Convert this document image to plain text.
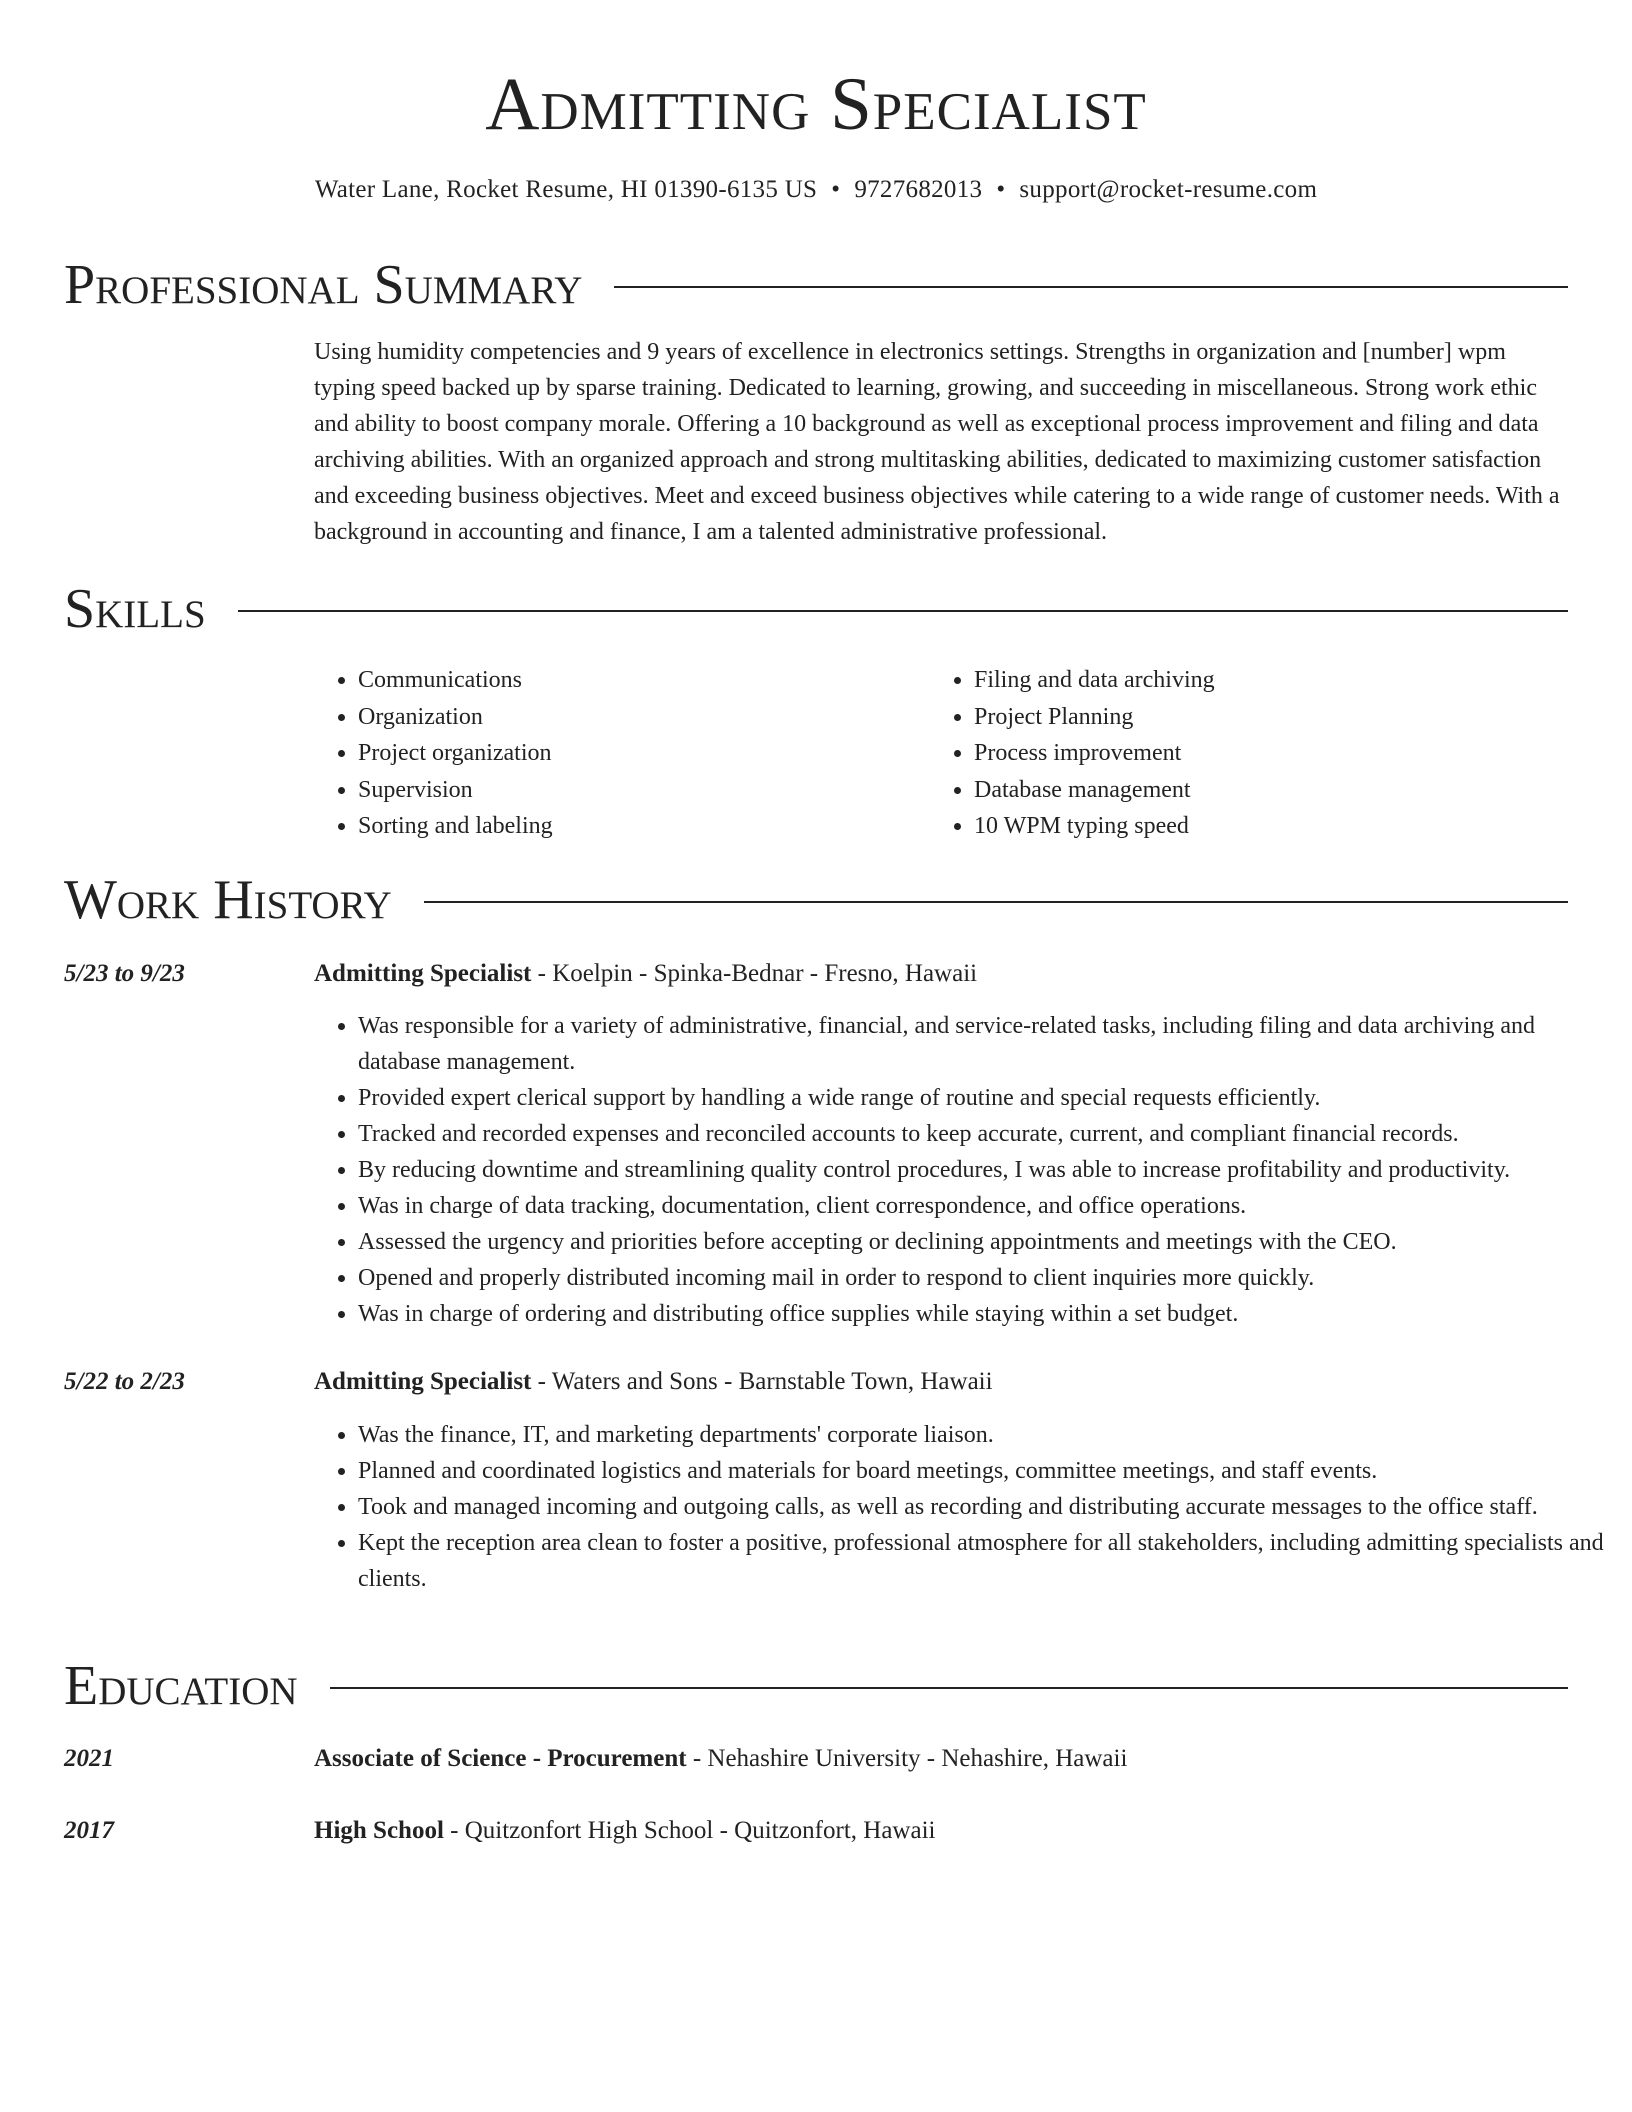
Admitting Specialist
Water Lane, Rocket Resume, HI 01390-6135 US • 9727682013 • support@rocket-resume.com
Professional Summary
Using humidity competencies and 9 years of excellence in electronics settings. Strengths in organization and [number] wpm typing speed backed up by sparse training. Dedicated to learning, growing, and succeeding in miscellaneous. Strong work ethic and ability to boost company morale. Offering a 10 background as well as exceptional process improvement and filing and data archiving abilities. With an organized approach and strong multitasking abilities, dedicated to maximizing customer satisfaction and exceeding business objectives. Meet and exceed business objectives while catering to a wide range of customer needs. With a background in accounting and finance, I am a talented administrative professional.
Skills
• Communications
• Organization
• Project organization
• Supervision
• Sorting and labeling
• Filing and data archiving
• Project Planning
• Process improvement
• Database management
• 10 WPM typing speed
Work History
5/23 to 9/23	Admitting Specialist - Koelpin - Spinka-Bednar - Fresno, Hawaii
• Was responsible for a variety of administrative, financial, and service-related tasks, including filing and data archiving and database management.
• Provided expert clerical support by handling a wide range of routine and special requests efficiently.
• Tracked and recorded expenses and reconciled accounts to keep accurate, current, and compliant financial records.
• By reducing downtime and streamlining quality control procedures, I was able to increase profitability and productivity.
• Was in charge of data tracking, documentation, client correspondence, and office operations.
• Assessed the urgency and priorities before accepting or declining appointments and meetings with the CEO.
• Opened and properly distributed incoming mail in order to respond to client inquiries more quickly.
• Was in charge of ordering and distributing office supplies while staying within a set budget.
5/22 to 2/23	Admitting Specialist - Waters and Sons - Barnstable Town, Hawaii
• Was the finance, IT, and marketing departments' corporate liaison.
• Planned and coordinated logistics and materials for board meetings, committee meetings, and staff events.
• Took and managed incoming and outgoing calls, as well as recording and distributing accurate messages to the office staff.
• Kept the reception area clean to foster a positive, professional atmosphere for all stakeholders, including admitting specialists and clients.
Education
2021	Associate of Science - Procurement - Nehashire University - Nehashire, Hawaii
2017	High School - Quitzonfort High School - Quitzonfort, Hawaii
